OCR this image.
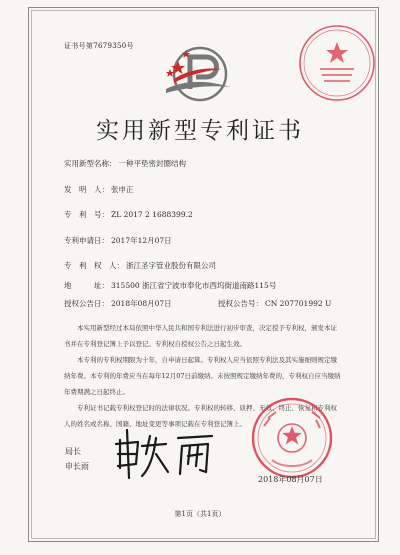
证书号第7679350号
实用新型专利证书
实用新型名称： 一种平垫密封圈结构
发　明　人： 张申正
专　利　号： ZL 2017 2 1688399.2
专利申请日： 2017年12月07日
专　利　权　人： 浙江圣字管业股份有限公司
地　　　址： 315500 浙江省宁波市奉化市西坞街道南路115号
授权公告日： 2018年08月07日	授权公告号： CN 207701992 U
本实用新型经过本局依照中华人民共和国专利法进行初步审查，决定授予专利权，颁发本证书并在专利登记簿上予以登记。专利权自授权公告之日起生效。
本专利的专利权期限为十年，自申请日起算。专利权人应当依照专利法及其实施细则规定缴纳年费。本专利的年费应当在每年12月07日前缴纳。未按照规定缴纳年费的，专利权自应当缴纳年费期满之日起终止。
专利证书记载专利权登记时的法律状况。专利权的转移、质押、无效、终止、恢复和专利权人的姓名或名称、国籍、地址变更等事项记载在专利登记簿上。
局长
申长雨
2018年08月07日
第1页（共1页）
